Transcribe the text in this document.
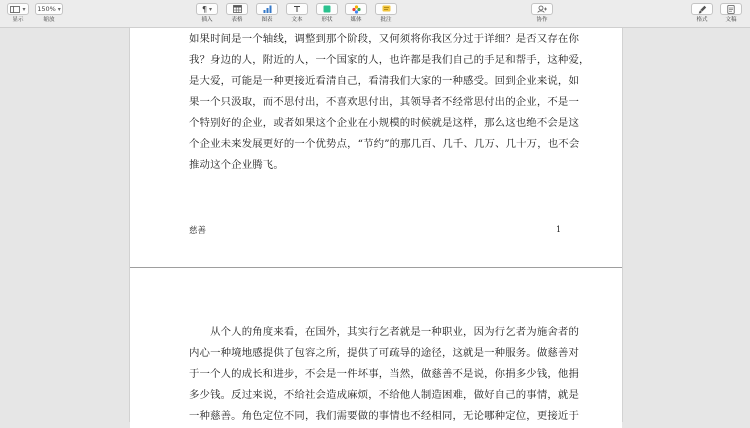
▾
显示
150% ▾
缩放
¶ ▾
插入	表格	图表	文本	形状	媒体	批注	协作	格式	文稿
如果时间是一个轴线，调整到那个阶段，又何须将你我区分过于详细？是否又存在你
我？身边的人，附近的人，一个国家的人，也许都是我们自己的手足和帮手，这种爱，
是大爱，可能是一种更接近看清自己，看清我们大家的一种感受。回到企业来说，如
果一个只汲取，而不思付出，不喜欢思付出，其领导者不经常思付出的企业，不是一
个特别好的企业，或者如果这个企业在小规模的时候就是这样，那么这也绝不会是这
个企业未来发展更好的一个优势点，“节约”的那几百、几千、几万、几十万，也不会
推动这个企业腾飞。
慈善	1
　　从个人的角度来看，在国外，其实行乞者就是一种职业，因为行乞者为施舍者的
内心一种境地感提供了包容之所，提供了可疏导的途径，这就是一种服务。做慈善对
于一个人的成长和进步，不会是一件坏事，当然，做慈善不是说，你捐多少钱，他捐
多少钱。反过来说，不给社会造成麻烦，不给他人制造困难，做好自己的事情，就是
一种慈善。角色定位不同，我们需要做的事情也不经相同，无论哪种定位，更接近于
